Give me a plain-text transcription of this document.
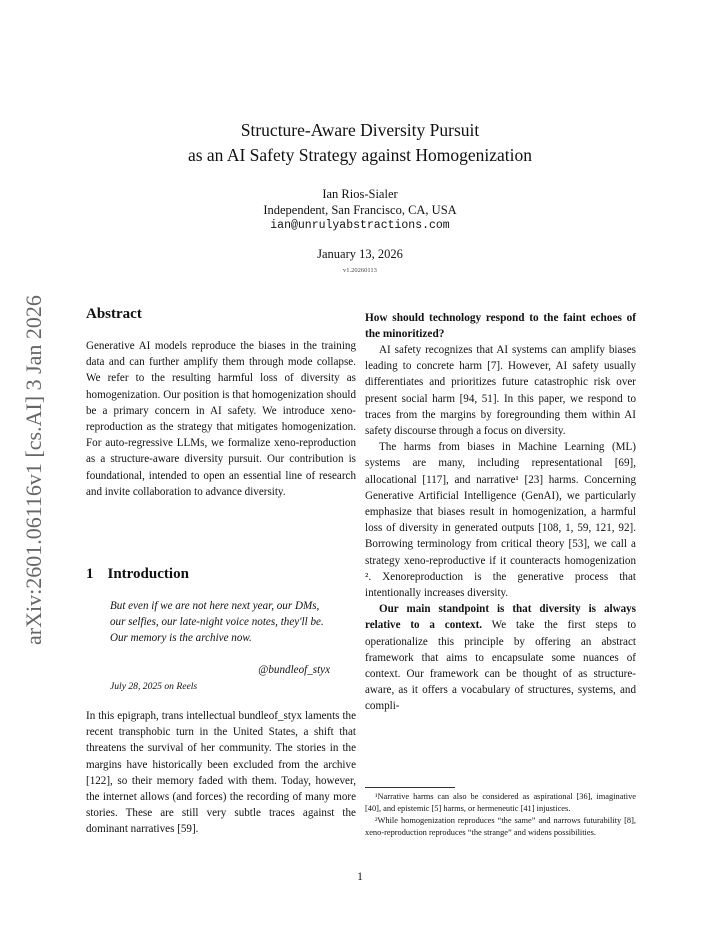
arXiv:2601.06116v1 [cs.AI] 3 Jan 2026
Structure-Aware Diversity Pursuit
as an AI Safety Strategy against Homogenization
Ian Rios-Sialer
Independent, San Francisco, CA, USA
ian@unrulyabstractions.com
January 13, 2026
v1.20260113
Abstract
Generative AI models reproduce the biases in the training data and can further amplify them through mode collapse. We refer to the resulting harmful loss of diversity as homogenization. Our position is that homogenization should be a primary concern in AI safety. We introduce xeno-reproduction as the strategy that mitigates homogenization. For auto-regressive LLMs, we formalize xeno-reproduction as a structure-aware diversity pursuit. Our contribution is foundational, intended to open an essential line of research and invite collaboration to advance diversity.
1 Introduction
But even if we are not here next year, our DMs, our selfies, our late-night voice notes, they'll be. Our memory is the archive now.
@bundleof_styx
July 28, 2025 on Reels
In this epigraph, trans intellectual bundleof_styx laments the recent transphobic turn in the United States, a shift that threatens the survival of her community. The stories in the margins have historically been excluded from the archive [122], so their memory faded with them. Today, however, the internet allows (and forces) the recording of many more stories. These are still very subtle traces against the dominant narratives [59].
How should technology respond to the faint echoes of the minoritized?

AI safety recognizes that AI systems can amplify biases leading to concrete harm [7]. However, AI safety usually differentiates and prioritizes future catastrophic risk over present social harm [94, 51]. In this paper, we respond to traces from the margins by foregrounding them within AI safety discourse through a focus on diversity.

The harms from biases in Machine Learning (ML) systems are many, including representational [69], allocational [117], and narrative¹ [23] harms. Concerning Generative Artificial Intelligence (GenAI), we particularly emphasize that biases result in homogenization, a harmful loss of diversity in generated outputs [108, 1, 59, 121, 92]. Borrowing terminology from critical theory [53], we call a strategy xeno-reproductive if it counteracts homogenization ². Xenoreproduction is the generative process that intentionally increases diversity.

Our main standpoint is that diversity is always relative to a context. We take the first steps to operationalize this principle by offering an abstract framework that aims to encapsulate some nuances of context. Our framework can be thought of as structure-aware, as it offers a vocabulary of structures, systems, and compli-

¹Narrative harms can also be considered as aspirational [36], imaginative [40], and epistemic [5] harms, or hermeneutic [41] injustices.

²While homogenization reproduces “the same” and narrows futurability [8], xeno-reproduction reproduces “the strange” and widens possibilities.

1
